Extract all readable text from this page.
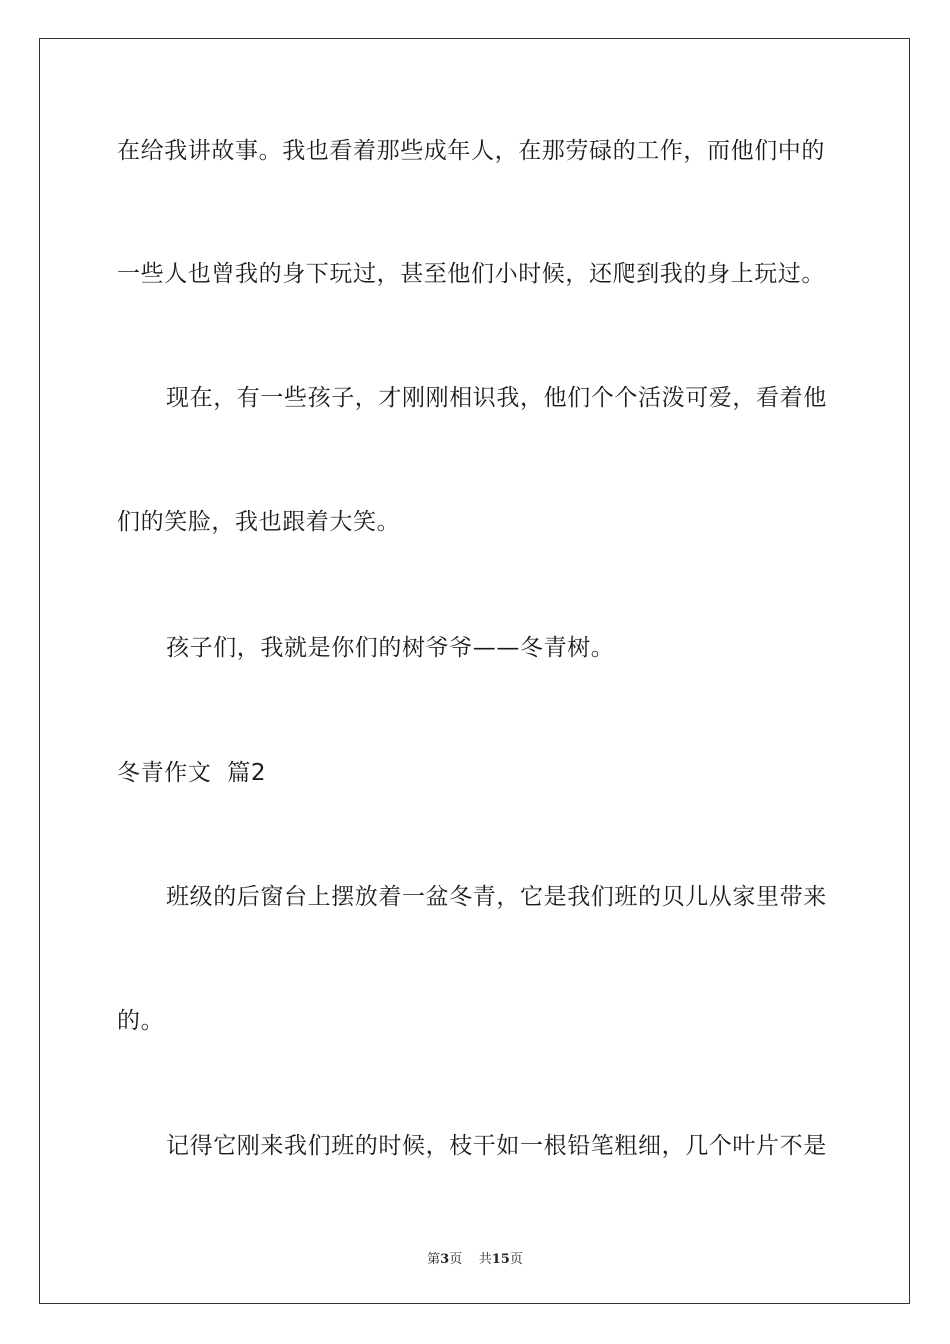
在给我讲故事。我也看着那些成年人，在那劳碌的工作，而他们中的
一些人也曾我的身下玩过，甚至他们小时候，还爬到我的身上玩过。
现在，有一些孩子，才刚刚相识我，他们个个活泼可爱，看着他
们的笑脸，我也跟着大笑。
孩子们，我就是你们的树爷爷——冬青树。
冬青作文  篇2
班级的后窗台上摆放着一盆冬青，它是我们班的贝儿从家里带来
的。
记得它刚来我们班的时候，枝干如一根铅笔粗细，几个叶片不是
第3页 共15页
